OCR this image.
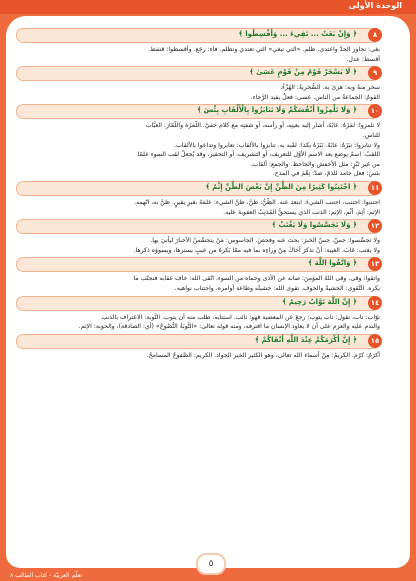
الوحدة الأولى
٨
﴿ وَإِنْ بَغَتْ ... تَفِيءَ ... وَأَقْسِطُوا ﴾
بغى: تجاوز الحدّ واعتدى. ظلم. «التي تبغي» التي تعتدي وتظلم. فاء: رجَع. وأقسطوا: قسَط.
أقسط: عدل.
٩
﴿ لَا يَسْخَرْ قَوْمٌ مِنْ قَوْمٍ عَسَىٰ ﴾
سخر منهُ وبه: هزئ به. السُّخريةُ: الهُزْءُ.
القومُ: الجماعةُ من الناس. عسى: فعلٌ يفيد الرَّجاء.
١٠
﴿ وَلَا تَلْمِزُوا أَنْفُسَكُمْ وَلَا تَنَابَزُوا بِالْأَلْقَابِ بِئْسَ ﴾
لا تلمزوا: لمَزَهُ: عابَهُ، أشار إليه بعينِه، أو رأسه، أو شفتِه مع كلام خفيّ. اللُّمَزَة واللَّمّاز: العيَّاب
للناس.
ولا تنابزوا: نبَزَهُ: عابَهُ. نَبَزَهُ بكذا: لقَبه به. تنابزوا بالألقاب: تعايروا وتداعوا بالألقاب.
اللقبُ: اسمٌ يوضع بعد الاسم الأوَّل للتعريف، أو التشريف، أو التحقير، وقد يُجعلُ لقب السوء علمًا
من غير تَبْزٍ: مثل الأخفش والجاحظ. والجمع: ألقاب.
بئسَ: فعل جامد للذمّ، ضدّ: نِعْمَ في المدح.
١١
﴿ اجْتَنِبُوا كَثِيرًا مِنَ الظَّنِّ إِنَّ بَعْضَ الظَّنِّ إِثْمٌ ﴾
اجتنبوا: اجتنب، اجتنب الشيءَ: ابتعد عنه. الظَّنُّ: ظنَّ، ظنَّ الشيء: علمَهُ بغيرِ يقينٍ. ظنَّ به، اتّهمه.
الإثم: أثِمَ، أَثْم، الإثم: الذنب الذي يستحقُّ المُذنِبُ العقوبةَ عليه.
١٢
﴿ وَلَا تَجَسَّسُوا وَلَا يَغْتَبْ ﴾
ولا تجسَّسوا: جسّ، جسّ الخبرَ: بحث عنه وفحصَ. الجاسوس: مَنْ يتجسَّسُ الأخبارَ ليأتيَ بها.
ولا يغتب: غابَ، الغيبة: أنْ تذكرَ أخاكَ مِنْ وراءِه بما فيه ممّا يَكرهُ من عيبٍ يسترها، ويسوؤه ذكرها.
١٣
﴿ وَاتَّقُوا اللَّهَ ﴾
واتقوا: وقى. وقى اللهُ المؤمنَ: صانه عن الأذى وحماه من السوء. اتّقى الله: خاف عقابه فتجنّب ما
يكره. التَّقوى: الخشيةُ والخوف. تقوى الله: خشيتُه وطاعة أوامره، واجتناب نواهيه.
١٤
﴿ إِنَّ اللَّهَ تَوَّابٌ رَحِيمٌ ﴾
توّاب: تاب، تقول: تاب يتوب: رجعَ عن المعصية فهو: تائب. استتابه، طلب منه أن يتوب. التَّوبة: الاعتراف بالذنب
والندم عليه والعزم على أن لا يعاود الإنسان ما اقترفه، ومنه قوله تعالى: «التَّوبَةُ النَّصُوحُ» (أي: الصادقة)، والحوبة: الإثم.
١٥
﴿ إِنَّ أَكْرَمَكُمْ عِنْدَ اللَّهِ أَتْقَاكُمْ ﴾
أكرَمُ: كرُم. الكريمُ: مِنْ أسماء الله تعالى، وهو الكثير الخير الجواد. الكريم: الصَّفوحُ المسامحُ.
٥
تعلّم العربيّة - كتاب الطالب ٨
